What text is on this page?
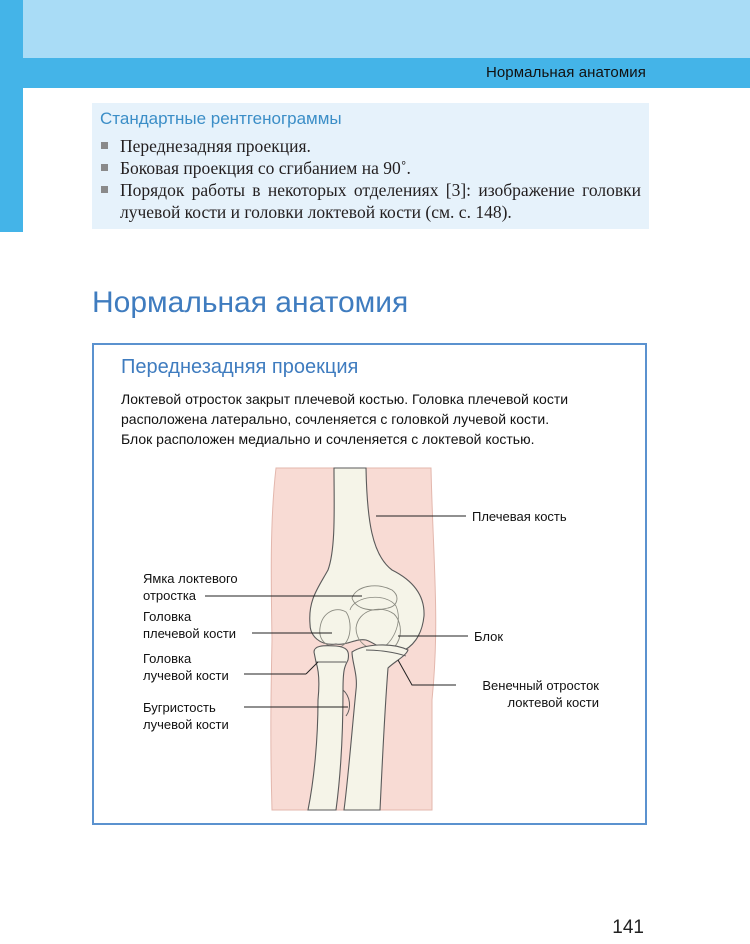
Нормальная анатомия
Стандартные рентгенограммы
Переднезадняя проекция.
Боковая проекция со сгибанием на 90˚.
Порядок работы в некоторых отделениях [3]: изображение головки лучевой кости и головки локтевой кости (см. с. 148).
Нормальная анатомия
Переднезадняя проекция

Локтевой отросток закрыт плечевой костью. Головка плечевой кости
расположена латерально, сочленяется с головкой лучевой кости.
Блок расположен медиально и сочленяется с локтевой костью.

Плечевая кость
Ямка локтевого
отростка
Головка
плечевой кости	Блок
Головка
лучевой кости
Венечный отросток
локтевой кости
Бугристость
лучевой кости
141
